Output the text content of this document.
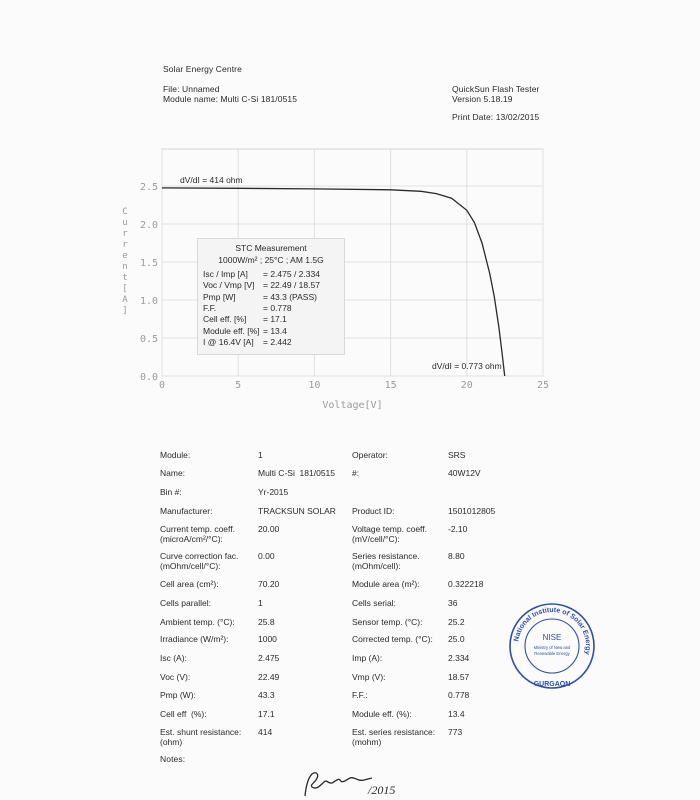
Solar Energy Centre
File: Unnamed
Module name: Multi C-Si 181/0515
QuickSun Flash Tester
Version 5.18.19
Print Date: 13/02/2015
0	5	10	15	20	25
0.0
0.5
1.0
1.5
2.0
2.5
Voltage[V]
dV/dI = 414 ohm
dV/dI = 0.773 ohm
C
u
r
r
e
n
t
[
A
]
STC Measurement
1000W/m² ; 25°C ; AM 1.5G
Isc / Imp [A] = 2.475 / 2.334
Voc / Vmp [V] = 22.49 / 18.57
Pmp [W]	= 43.3 (PASS)
F.F.	= 0.778
Cell eff. [%] = 17.1
Module eff. [%] = 13.4
I @ 16.4V [A] = 2.442
Module:	1	Operator:	SRS
Name:	Multi C-Si  181/0515 #:	40W12V
Bin #:	Yr-2015
Manufacturer:	TRACKSUN SOLAR Product ID:	1501012805
Current temp. coeff.
(microA/cm²/°C):
20.00	Voltage temp. coeff.
(mV/cell/°C):
-2.10
Curve correction fac.
(mOhm/cell/°C):
0.00	Series resistance.
(mOhm/cell):
8.80
Cell area (cm²):	70.20	Module area (m²):	0.322218
Cells parallel:	1	Cells serial:	36
Ambient temp. (°C):	25.8	Sensor temp. (°C):	25.2
Irradiance (W/m²):	1000	Corrected temp. (°C): 25.0
Isc (A):	2.475	Imp (A):	2.334
Voc (V):	22.49	Vmp (V):	18.57
Pmp (W):	43.3	F.F.:	0.778
Cell eff  (%):	17.1	Module eff. (%):	13.4
Est. shunt resistance:
(ohm)
414	Est. series resistance:
(mohm)
773
Notes:
National Institute of Solar Energy
NISE
Ministry of New and
Renewable Energy
GURGAON
/2015
